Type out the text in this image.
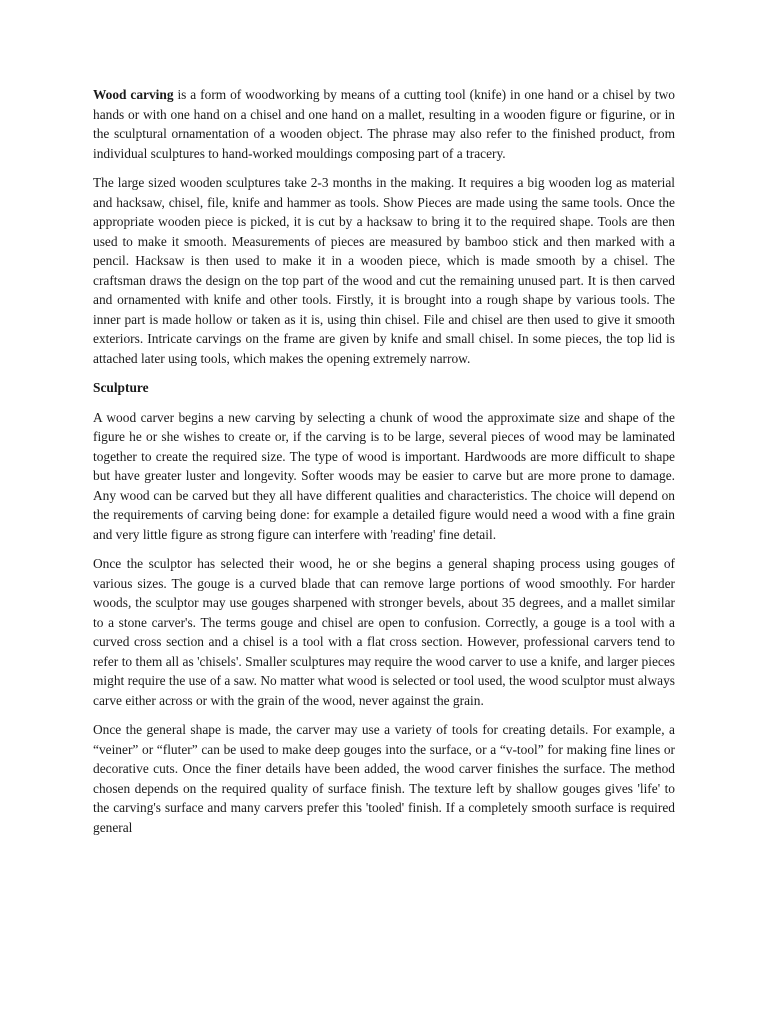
Wood carving is a form of woodworking by means of a cutting tool (knife) in one hand or a chisel by two hands or with one hand on a chisel and one hand on a mallet, resulting in a wooden figure or figurine, or in the sculptural ornamentation of a wooden object. The phrase may also refer to the finished product, from individual sculptures to hand-worked mouldings composing part of a tracery.

The large sized wooden sculptures take 2-3 months in the making. It requires a big wooden log as material and hacksaw, chisel, file, knife and hammer as tools. Show Pieces are made using the same tools. Once the appropriate wooden piece is picked, it is cut by a hacksaw to bring it to the required shape. Tools are then used to make it smooth. Measurements of pieces are measured by bamboo stick and then marked with a pencil. Hacksaw is then used to make it in a wooden piece, which is made smooth by a chisel. The craftsman draws the design on the top part of the wood and cut the remaining unused part. It is then carved and ornamented with knife and other tools. Firstly, it is brought into a rough shape by various tools. The inner part is made hollow or taken as it is, using thin chisel. File and chisel are then used to give it smooth exteriors. Intricate carvings on the frame are given by knife and small chisel. In some pieces, the top lid is attached later using tools, which makes the opening extremely narrow.

Sculpture

A wood carver begins a new carving by selecting a chunk of wood the approximate size and shape of the figure he or she wishes to create or, if the carving is to be large, several pieces of wood may be laminated together to create the required size. The type of wood is important. Hardwoods are more difficult to shape but have greater luster and longevity. Softer woods may be easier to carve but are more prone to damage. Any wood can be carved but they all have different qualities and characteristics. The choice will depend on the requirements of carving being done: for example a detailed figure would need a wood with a fine grain and very little figure as strong figure can interfere with 'reading' fine detail.

Once the sculptor has selected their wood, he or she begins a general shaping process using gouges of various sizes. The gouge is a curved blade that can remove large portions of wood smoothly. For harder woods, the sculptor may use gouges sharpened with stronger bevels, about 35 degrees, and a mallet similar to a stone carver's. The terms gouge and chisel are open to confusion. Correctly, a gouge is a tool with a curved cross section and a chisel is a tool with a flat cross section. However, professional carvers tend to refer to them all as 'chisels'. Smaller sculptures may require the wood carver to use a knife, and larger pieces might require the use of a saw. No matter what wood is selected or tool used, the wood sculptor must always carve either across or with the grain of the wood, never against the grain.

Once the general shape is made, the carver may use a variety of tools for creating details. For example, a “veiner” or “fluter” can be used to make deep gouges into the surface, or a “v-tool” for making fine lines or decorative cuts. Once the finer details have been added, the wood carver finishes the surface. The method chosen depends on the required quality of surface finish. The texture left by shallow gouges gives 'life' to the carving's surface and many carvers prefer this 'tooled' finish. If a completely smooth surface is required general
